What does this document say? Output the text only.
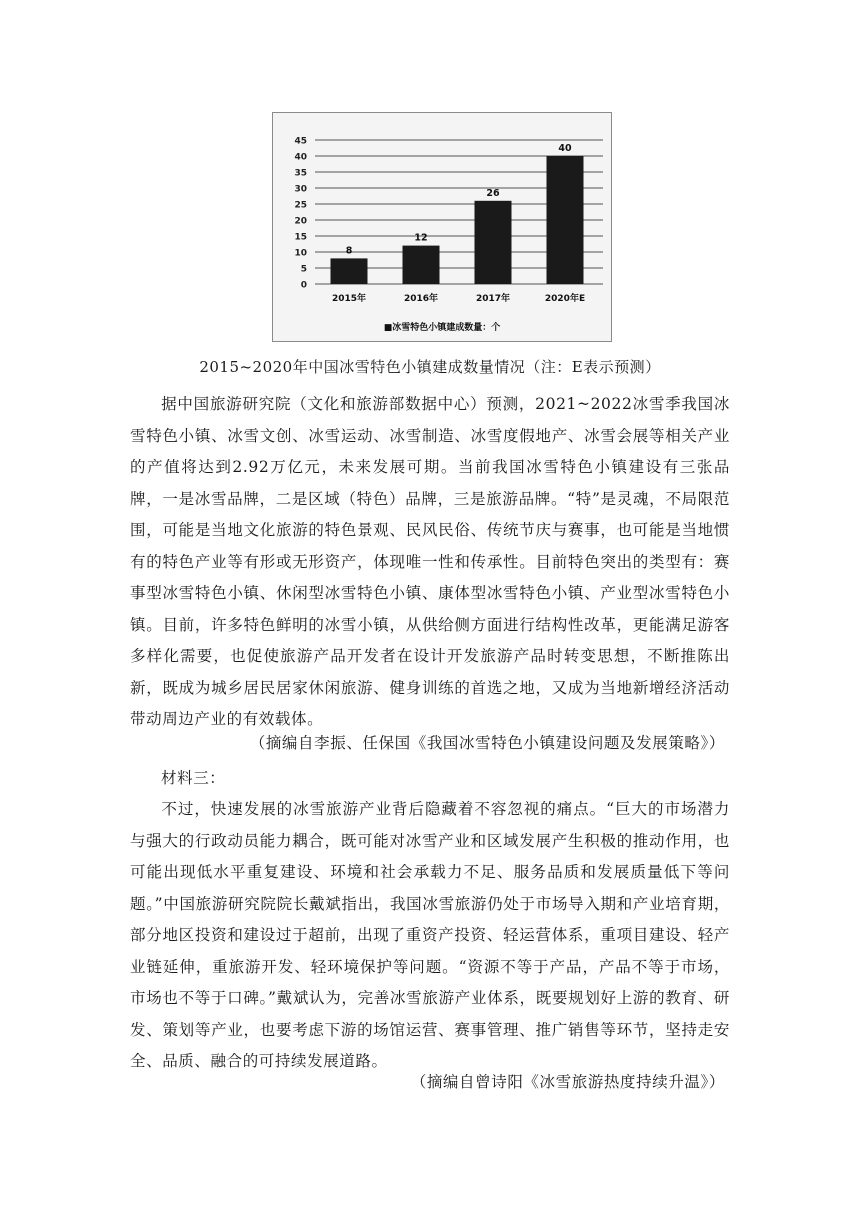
0
5
10
15
20
25
30
35
40
45
8
2015年
12
2016年
26
2017年
40
2020年E
■冰雪特色小镇建成数量：个
2015~2020年中国冰雪特色小镇建成数量情况（注：E表示预测）

据中国旅游研究院（文化和旅游部数据中心）预测，2021~2022冰雪季我国冰雪特色小镇、冰雪文创、冰雪运动、冰雪制造、冰雪度假地产、冰雪会展等相关产业的产值将达到2.92万亿元，未来发展可期。当前我国冰雪特色小镇建设有三张品牌，一是冰雪品牌，二是区域（特色）品牌，三是旅游品牌。“特”是灵魂，不局限范围，可能是当地文化旅游的特色景观、民风民俗、传统节庆与赛事，也可能是当地惯有的特色产业等有形或无形资产，体现唯一性和传承性。目前特色突出的类型有：赛事型冰雪特色小镇、休闲型冰雪特色小镇、康体型冰雪特色小镇、产业型冰雪特色小镇。目前，许多特色鲜明的冰雪小镇，从供给侧方面进行结构性改革，更能满足游客多样化需要，也促使旅游产品开发者在设计开发旅游产品时转变思想，不断推陈出新，既成为城乡居民居家休闲旅游、健身训练的首选之地，又成为当地新增经济活动带动周边产业的有效载体。

（摘编自李振、任保国《我国冰雪特色小镇建设问题及发展策略》）
材料三：

不过，快速发展的冰雪旅游产业背后隐藏着不容忽视的痛点。“巨大的市场潜力与强大的行政动员能力耦合，既可能对冰雪产业和区域发展产生积极的推动作用，也可能出现低水平重复建设、环境和社会承载力不足、服务品质和发展质量低下等问题。”中国旅游研究院院长戴斌指出，我国冰雪旅游仍处于市场导入期和产业培育期，部分地区投资和建设过于超前，出现了重资产投资、轻运营体系，重项目建设、轻产业链延伸，重旅游开发、轻环境保护等问题。“资源不等于产品，产品不等于市场，市场也不等于口碑。”戴斌认为，完善冰雪旅游产业体系，既要规划好上游的教育、研发、策划等产业，也要考虑下游的场馆运营、赛事管理、推广销售等环节，坚持走安全、品质、融合的可持续发展道路。

（摘编自曾诗阳《冰雪旅游热度持续升温》）
